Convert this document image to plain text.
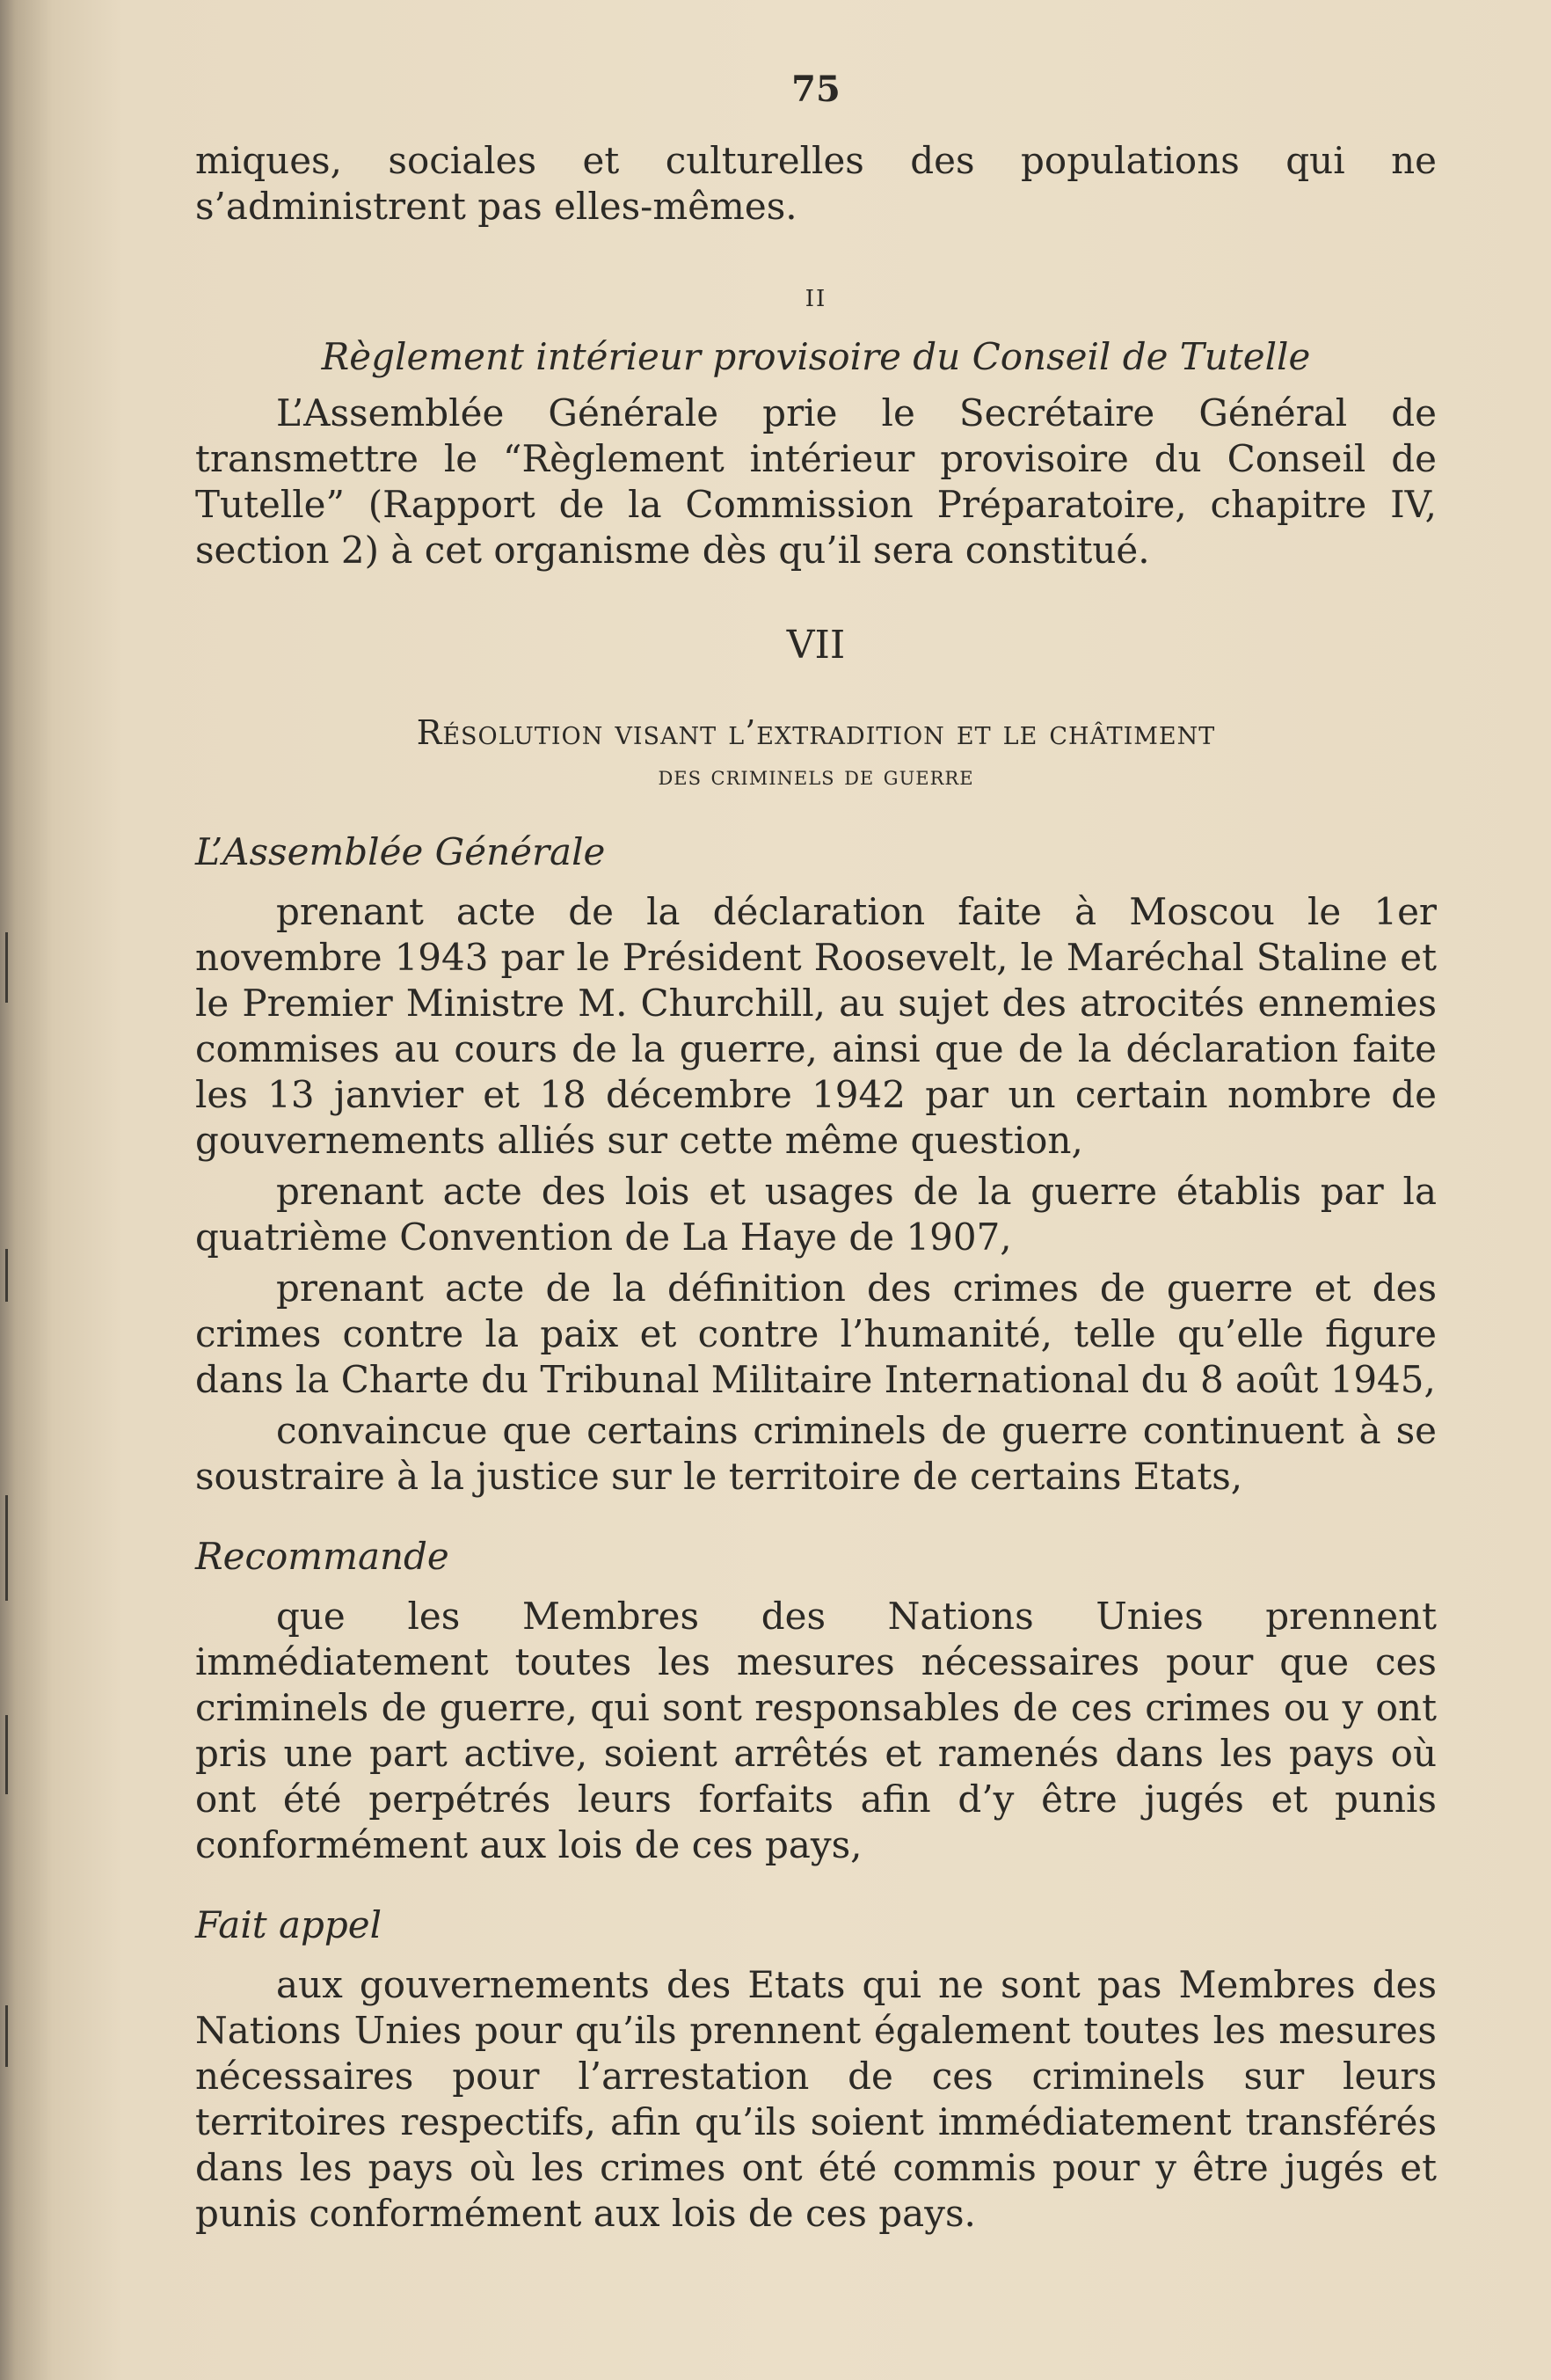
75

miques, sociales et culturelles des populations qui ne s’administrent pas elles-mêmes.

II
Règlement intérieur provisoire du Conseil de Tutelle

L’Assemblée Générale prie le Secrétaire Général de transmettre le “Règlement intérieur provisoire du Conseil de Tutelle” (Rapport de la Commission Préparatoire, chapitre IV, section 2) à cet organisme dès qu’il sera constitué.

VII
Résolution visant l’extradition et le châtiment
des criminels de guerre
L’Assemblée Générale

prenant acte de la déclaration faite à Moscou le 1er novembre 1943 par le Président Roosevelt, le Maréchal Staline et le Premier Ministre M. Churchill, au sujet des atrocités ennemies commises au cours de la guerre, ainsi que de la déclaration faite les 13 janvier et 18 décembre 1942 par un certain nombre de gouvernements alliés sur cette même question,

prenant acte des lois et usages de la guerre établis par la quatrième Convention de La Haye de 1907,

prenant acte de la définition des crimes de guerre et des crimes contre la paix et contre l’humanité, telle qu’elle figure dans la Charte du Tribunal Militaire International du 8 août 1945,

convaincue que certains criminels de guerre continuent à se soustraire à la justice sur le territoire de certains Etats,

Recommande

que les Membres des Nations Unies prennent immédiatement toutes les mesures nécessaires pour que ces criminels de guerre, qui sont responsables de ces crimes ou y ont pris une part active, soient arrêtés et ramenés dans les pays où ont été perpétrés leurs forfaits afin d’y être jugés et punis conformément aux lois de ces pays,

Fait appel

aux gouvernements des Etats qui ne sont pas Membres des Nations Unies pour qu’ils prennent également toutes les mesures nécessaires pour l’arrestation de ces criminels sur leurs territoires respectifs, afin qu’ils soient immédiatement transférés dans les pays où les crimes ont été commis pour y être jugés et punis conformément aux lois de ces pays.
